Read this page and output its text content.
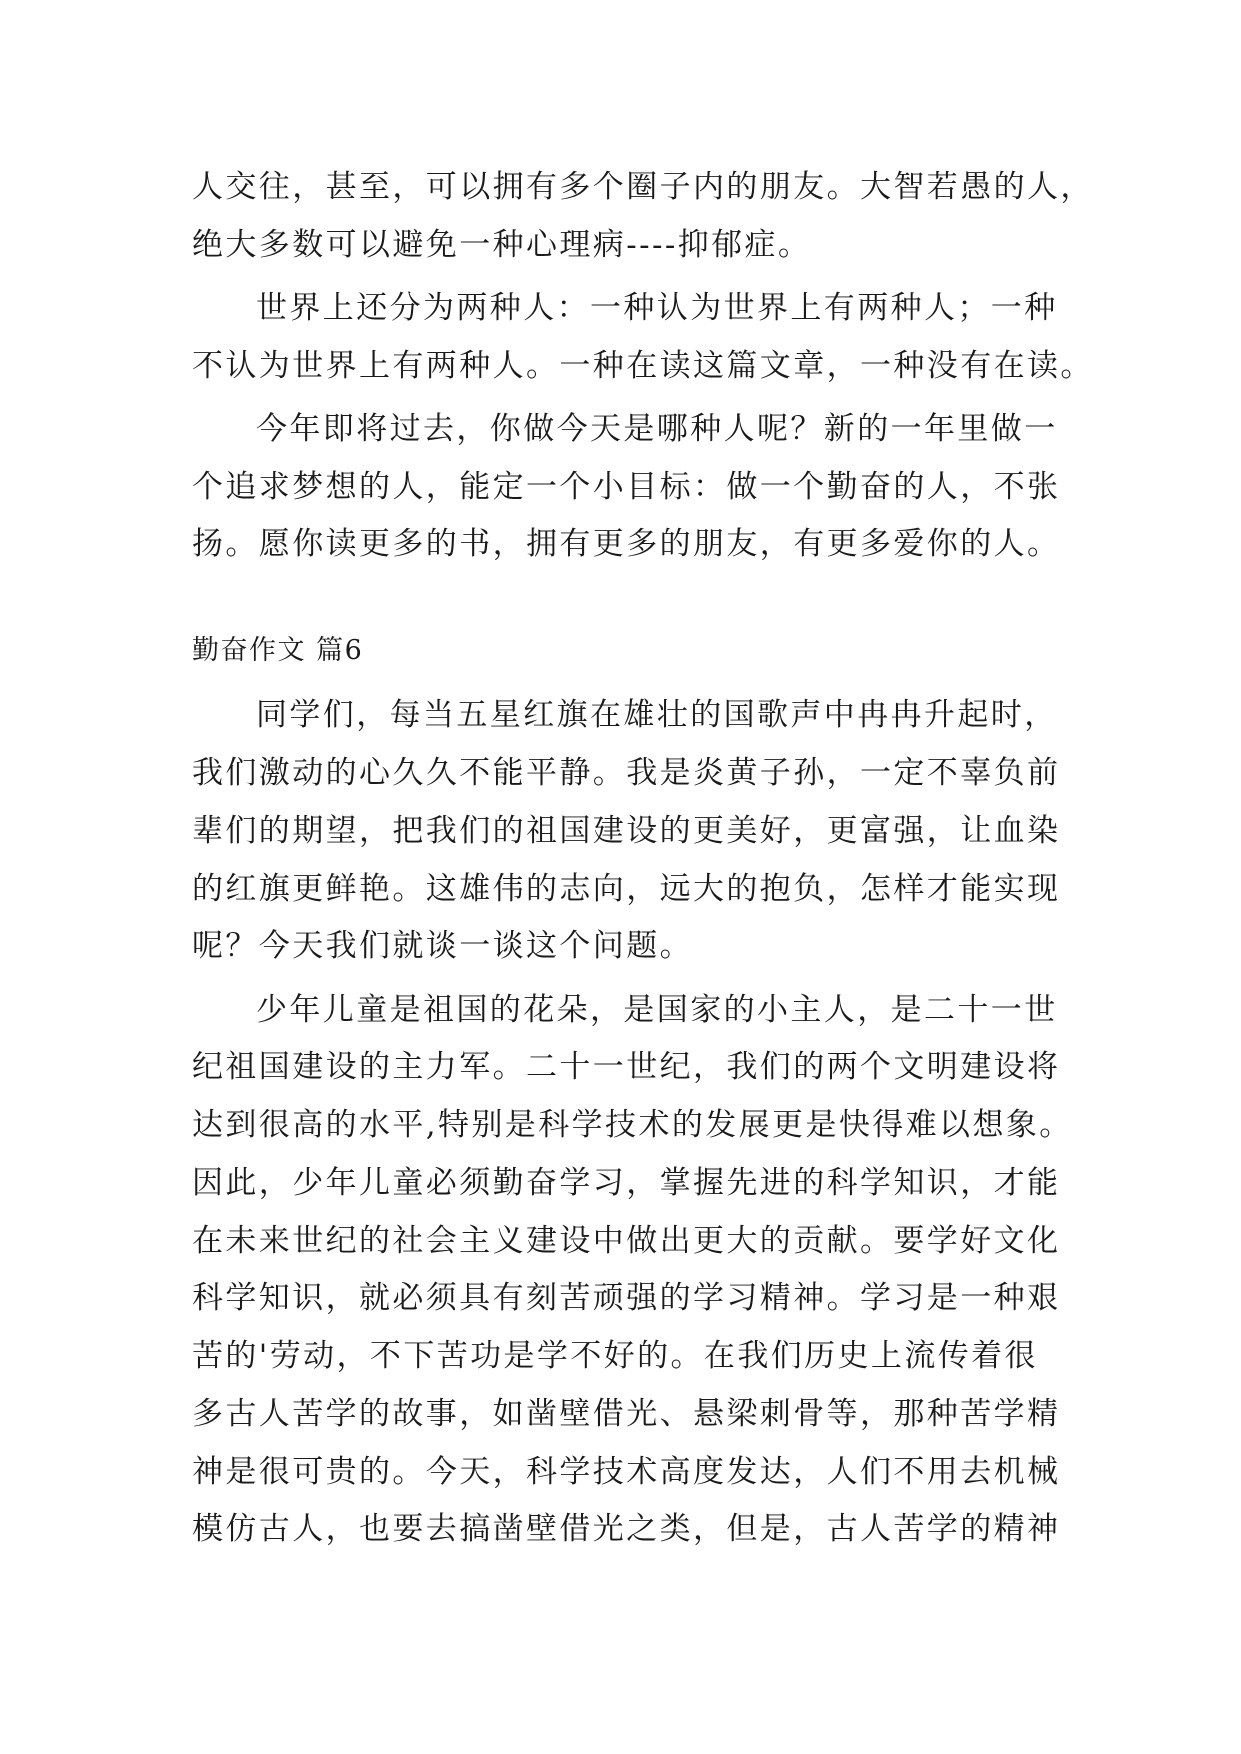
人交往，甚至，可以拥有多个圈子内的朋友。大智若愚的人，
绝大多数可以避免一种心理病----抑郁症。
世界上还分为两种人：一种认为世界上有两种人；一种
不认为世界上有两种人。一种在读这篇文章，一种没有在读。
今年即将过去，你做今天是哪种人呢？新的一年里做一
个追求梦想的人，能定一个小目标：做一个勤奋的人，不张
扬。愿你读更多的书，拥有更多的朋友，有更多爱你的人。
勤奋作文 篇6
同学们，每当五星红旗在雄壮的国歌声中冉冉升起时，
我们激动的心久久不能平静。我是炎黄子孙，一定不辜负前
辈们的期望，把我们的祖国建设的更美好，更富强，让血染
的红旗更鲜艳。这雄伟的志向，远大的抱负，怎样才能实现
呢？今天我们就谈一谈这个问题。
少年儿童是祖国的花朵，是国家的小主人，是二十一世
纪祖国建设的主力军。二十一世纪，我们的两个文明建设将
达到很高的水平,特别是科学技术的发展更是快得难以想象。
因此，少年儿童必须勤奋学习，掌握先进的科学知识，才能
在未来世纪的社会主义建设中做出更大的贡献。要学好文化
科学知识，就必须具有刻苦顽强的学习精神。学习是一种艰
苦的'劳动，不下苦功是学不好的。在我们历史上流传着很
多古人苦学的故事，如凿壁借光、悬梁刺骨等，那种苦学精
神是很可贵的。今天，科学技术高度发达，人们不用去机械
模仿古人，也要去搞凿壁借光之类，但是，古人苦学的精神
